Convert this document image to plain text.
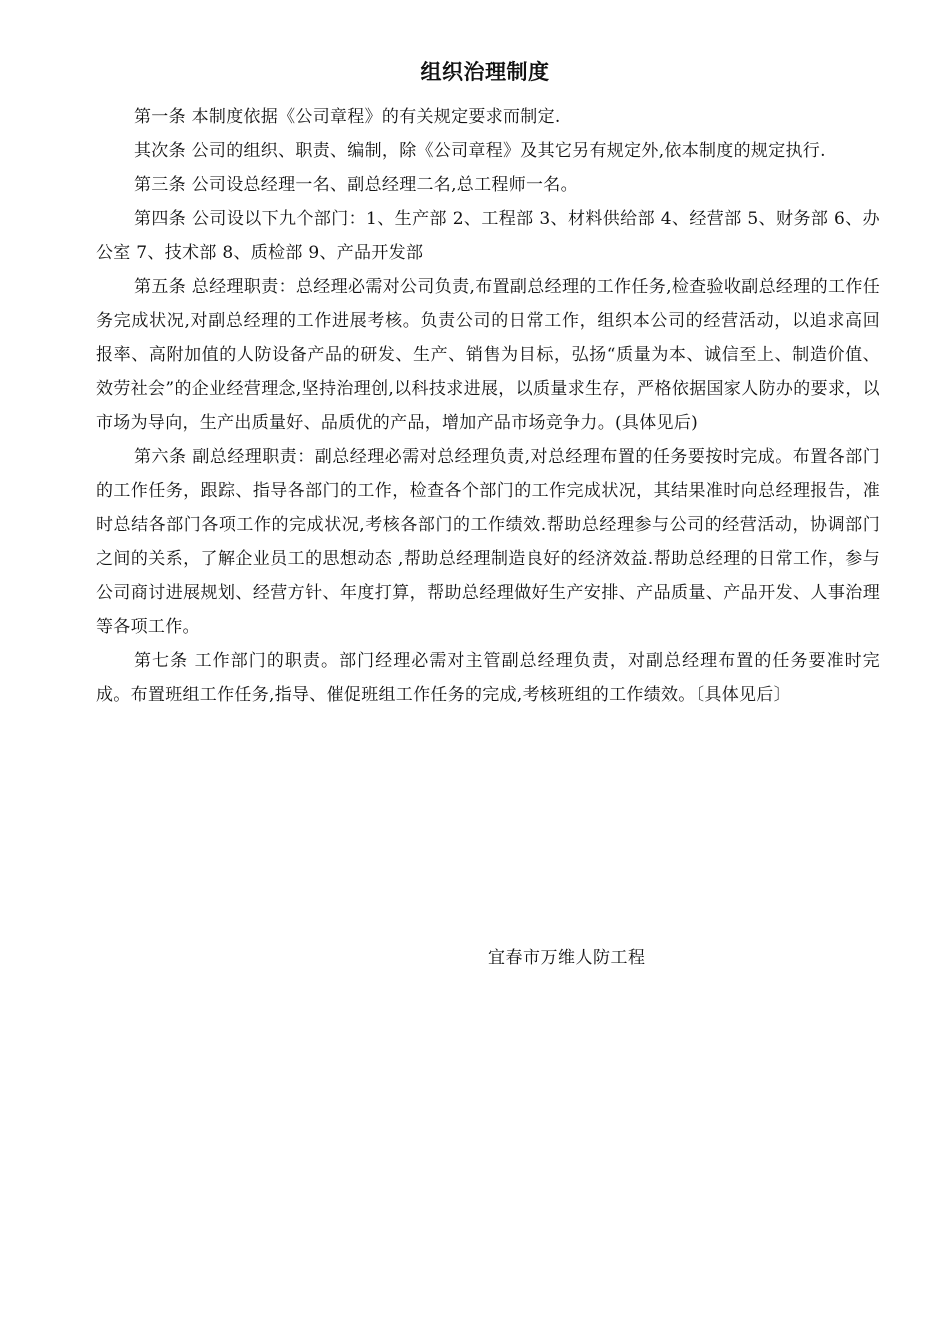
组织治理制度

第一条 本制度依据《公司章程》的有关规定要求而制定.

其次条 公司的组织、职责、编制，除《公司章程》及其它另有规定外,依本制度的规定执行.

第三条 公司设总经理一名、副总经理二名,总工程师一名。

第四条 公司设以下九个部门：1、生产部 2、工程部 3、材料供给部 4、经营部 5、财务部 6、办公室 7、技术部 8、质检部 9、产品开发部

第五条 总经理职责：总经理必需对公司负责,布置副总经理的工作任务,检查验收副总经理的工作任务完成状况,对副总经理的工作进展考核。负责公司的日常工作，组织本公司的经营活动，以追求高回报率、高附加值的人防设备产品的研发、生产、销售为目标，弘扬“质量为本、诚信至上、制造价值、效劳社会”的企业经营理念,坚持治理创,以科技求进展，以质量求生存，严格依据国家人防办的要求，以市场为导向，生产出质量好、品质优的产品，增加产品市场竞争力。(具体见后)

第六条 副总经理职责：副总经理必需对总经理负责,对总经理布置的任务要按时完成。布置各部门的工作任务，跟踪、指导各部门的工作，检查各个部门的工作完成状况，其结果准时向总经理报告，准时总结各部门各项工作的完成状况,考核各部门的工作绩效.帮助总经理参与公司的经营活动，协调部门之间的关系，了解企业员工的思想动态 ,帮助总经理制造良好的经济效益.帮助总经理的日常工作，参与公司商讨进展规划、经营方针、年度打算，帮助总经理做好生产安排、产品质量、产品开发、人事治理等各项工作。

第七条 工作部门的职责。部门经理必需对主管副总经理负责，对副总经理布置的任务要准时完成。布置班组工作任务,指导、催促班组工作任务的完成,考核班组的工作绩效。〔具体见后〕

宜春市万维人防工程
